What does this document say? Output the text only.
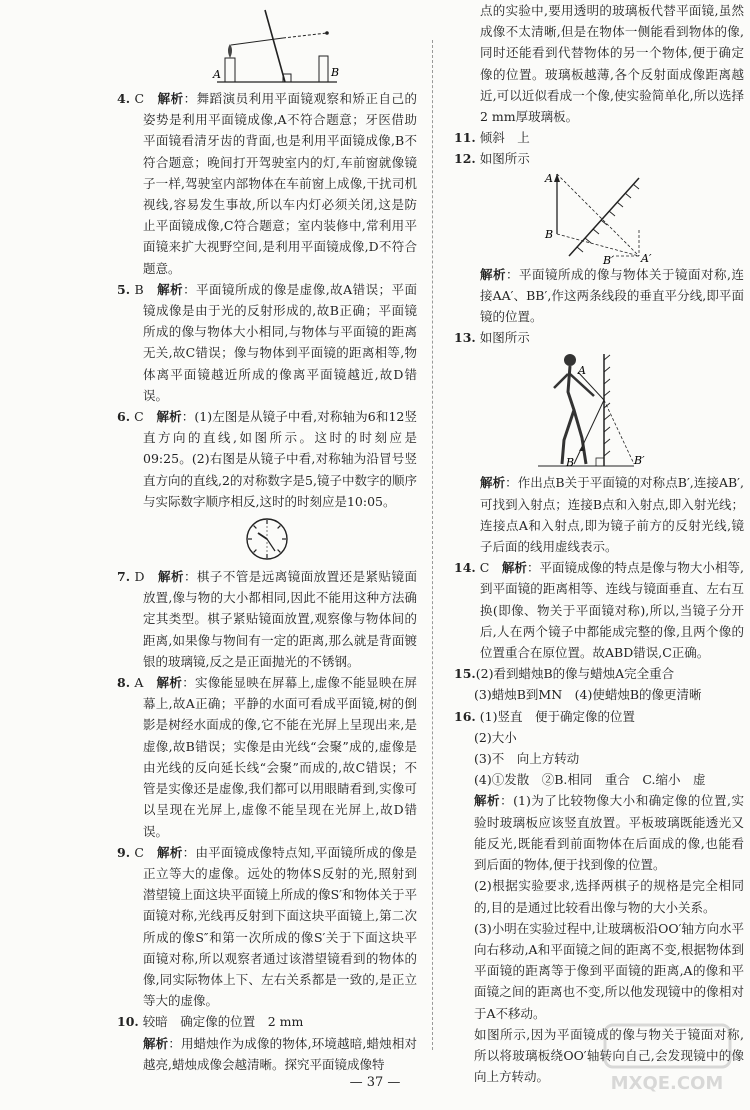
A	B

4. C　 解析：舞蹈演员利用平面镜观察和矫正自己的姿势是利用平面镜成像,A不符合题意；牙医借助平面镜看清牙齿的背面,也是利用平面镜成像,B不符合题意；晚间打开驾驶室内的灯,车前窗就像镜子一样,驾驶室内部物体在车前窗上成像,干扰司机视线,容易发生事故,所以车内灯必须关闭,这是防止平面镜成像,C符合题意；室内装修中,常利用平面镜来扩大视野空间,是利用平面镜成像,D不符合题意。

5. B　 解析：平面镜所成的像是虚像,故A错误；平面镜成像是由于光的反射形成的,故B正确；平面镜所成的像与物体大小相同,与物体与平面镜的距离无关,故C错误；像与物体到平面镜的距离相等,物体离平面镜越近所成的像离平面镜越近,故D错误。

6. C　 解析：(1)左图是从镜子中看,对称轴为6和12竖直方向的直线,如图所示。这时的时刻应是09:25。(2)右图是从镜子中看,对称轴为沿冒号竖直方向的直线,2的对称数字是5,镜子中数字的顺序与实际数字顺序相反,这时的时刻应是10:05。

7. D　 解析：棋子不管是远离镜面放置还是紧贴镜面放置,像与物的大小都相同,因此不能用这种方法确定其类型。棋子紧贴镜面放置,观察像与物体间的距离,如果像与物间有一定的距离,那么就是背面镀银的玻璃镜,反之是正面抛光的不锈钢。

8. A　 解析：实像能显映在屏幕上,虚像不能显映在屏幕上,故A正确；平静的水面可看成平面镜,树的倒影是树经水面成的像,它不能在光屏上呈现出来,是虚像,故B错误；实像是由光线“会聚”成的,虚像是由光线的反向延长线“会聚”而成的,故C错误；不管是实像还是虚像,我们都可以用眼睛看到,实像可以呈现在光屏上,虚像不能呈现在光屏上,故D错误。

9. C　 解析：由平面镜成像特点知,平面镜所成的像是正立等大的虚像。远处的物体S反射的光,照射到潜望镜上面这块平面镜上所成的像S′和物体关于平面镜对称,光线再反射到下面这块平面镜上,第二次所成的像S″和第一次所成的像S′关于下面这块平面镜对称,所以观察者通过该潜望镜看到的物体的像,同实际物体上下、左右关系都是一致的,是正立等大的虚像。

10. 较暗　确定像的位置　2 mm

解析：用蜡烛作为成像的物体,环境越暗,蜡烛相对越亮,蜡烛成像会越清晰。探究平面镜成像特

点的实验中,要用透明的玻璃板代替平面镜,虽然成像不太清晰,但是在物体一侧能看到物体的像,同时还能看到代替物体的另一个物体,便于确定像的位置。玻璃板越薄,各个反射面成像距离越近,可以近似看成一个像,使实验简单化,所以选择2 mm厚玻璃板。

11. 倾斜　上

12. 如图所示

A
B
A′
B′

解析：平面镜所成的像与物体关于镜面对称,连接AA′、BB′,作这两条线段的垂直平分线,即平面镜的位置。

13. 如图所示

A
B	B′

解析：作出点B关于平面镜的对称点B′,连接AB′,可找到入射点；连接B点和入射点,即入射光线；连接点A和入射点,即为镜子前方的反射光线,镜子后面的线用虚线表示。

14. C　 解析：平面镜成像的特点是像与物大小相等,到平面镜的距离相等、连线与镜面垂直、左右互换(即像、物关于平面镜对称),所以,当镜子分开后,人在两个镜子中都能成完整的像,且两个像的位置重合在原位置。故ABD错误,C正确。

15.(2)看到蜡烛B的像与蜡烛A完全重合

(3)蜡烛B到MN　(4)使蜡烛B的像更清晰

16. (1)竖直　便于确定像的位置

(2)大小

(3)不　向上方转动

(4)①发散　②B.相同　重合　C.缩小　虚

解析：(1)为了比较物像大小和确定像的位置,实验时玻璃板应该竖直放置。平板玻璃既能透光又能反光,既能看到前面物体在后面成的像,也能看到后面的物体,便于找到像的位置。

(2)根据实验要求,选择两棋子的规格是完全相同的,目的是通过比较看出像与物的大小关系。

(3)小明在实验过程中,让玻璃板沿OO′轴方向水平向右移动,A和平面镜之间的距离不变,根据物体到平面镜的距离等于像到平面镜的距离,A的像和平面镜之间的距离也不变,所以他发现镜中的像相对于A不移动。

如图所示,因为平面镜成的像与物关于镜面对称,所以将玻璃板绕OO′轴转向自己,会发现镜中的像向上方转动。

— 37 —	MXQE.COM
